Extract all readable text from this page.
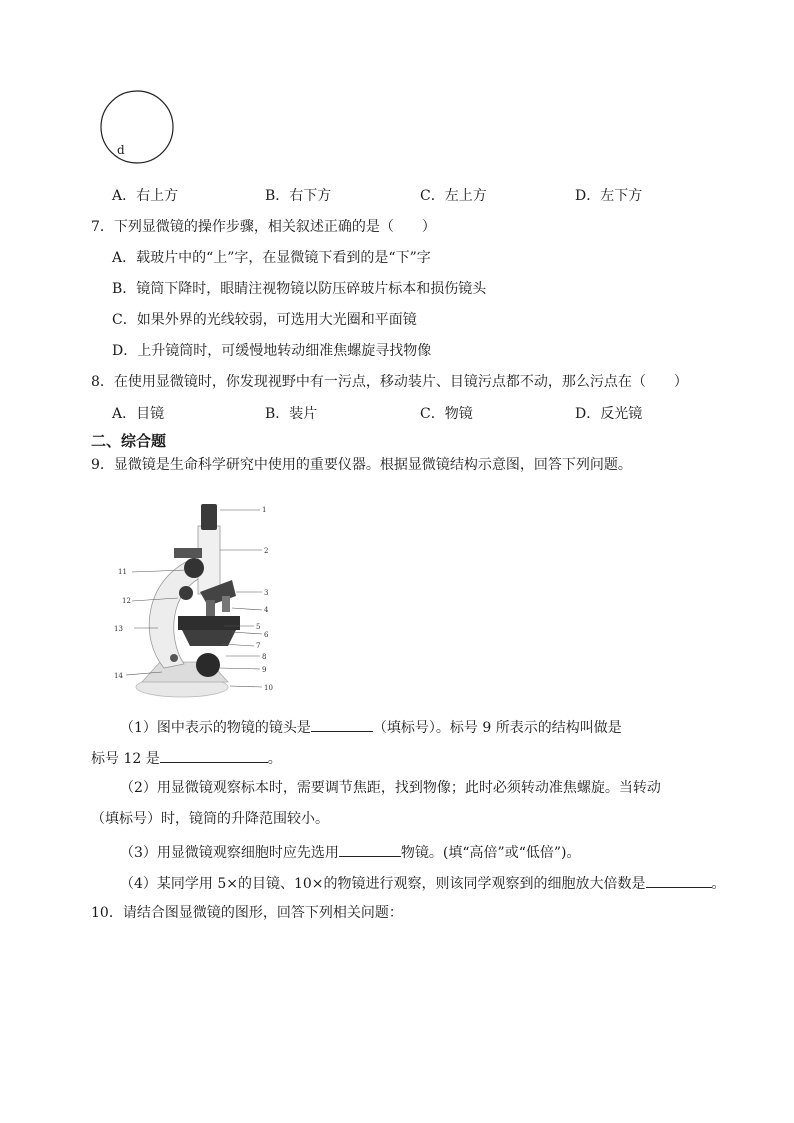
d
A．右上方	B．右下方	C．左上方	D．左下方
7．下列显微镜的操作步骤，相关叙述正确的是（　　）
A．载玻片中的“上”字，在显微镜下看到的是“下”字
B．镜筒下降时，眼睛注视物镜以防压碎玻片标本和损伤镜头
C．如果外界的光线较弱，可选用大光圈和平面镜
D．上升镜筒时，可缓慢地转动细准焦螺旋寻找物像
8．在使用显微镜时，你发现视野中有一污点，移动装片、目镜污点都不动，那么污点在（　　）
A．目镜	B．装片	C．物镜	D．反光镜
二、综合题
9．显微镜是生命科学研究中使用的重要仪器。根据显微镜结构示意图，回答下列问题。
1
2
3
4
5
6
7
8
9
10
11
12
13
14
（1）图中表示的物镜的镜头是	（填标号）。标号 9 所表示的结构叫做是
标号 12 是	。
（2）用显微镜观察标本时，需要调节焦距，找到物像；此时必须转动准焦螺旋。当转动
（填标号）时，镜筒的升降范围较小。
（3）用显微镜观察细胞时应先选用	物镜。(填“高倍”或“低倍”)。
（4）某同学用 5×的目镜、10×的物镜进行观察，则该同学观察到的细胞放大倍数是	。
10．请结合图显微镜的图形，回答下列相关问题：
